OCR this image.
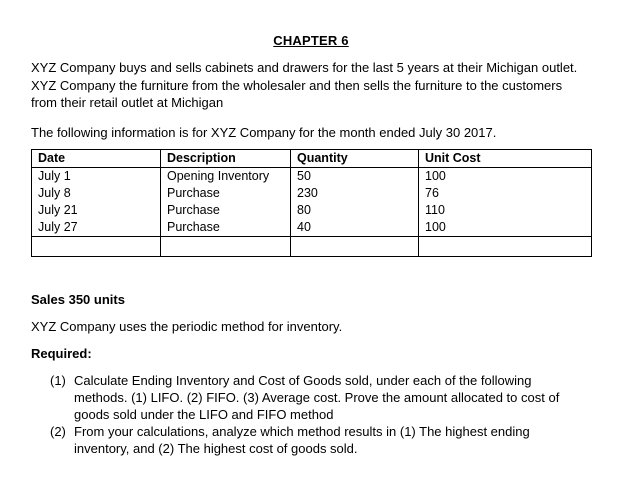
CHAPTER 6
XYZ Company buys and sells cabinets and drawers for the last 5 years at their Michigan outlet. XYZ Company the furniture from the wholesaler and then sells the furniture to the customers from their retail outlet at Michigan
The following information is for XYZ Company for the month ended July 30 2017.
Date	Description	Quantity	Unit Cost
July 1	Opening Inventory	50	100
July 8	Purchase	230	76
July 21	Purchase	80	110
July 27	Purchase	40	100

Sales 350 units
XYZ Company uses the periodic method for inventory.
Required:
(1) Calculate Ending Inventory and Cost of Goods sold, under each of the following methods. (1) LIFO. (2) FIFO. (3) Average cost. Prove the amount allocated to cost of goods sold under the LIFO and FIFO method
(2) From your calculations, analyze which method results in (1) The highest ending inventory, and (2) The highest cost of goods sold.
